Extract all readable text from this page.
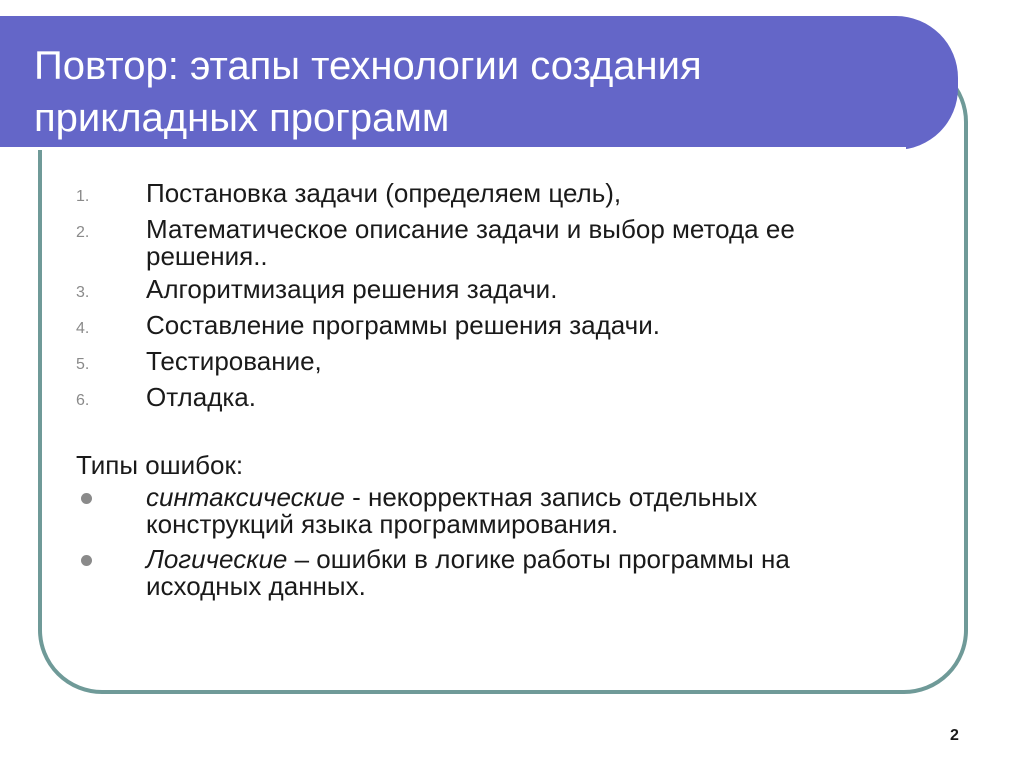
Повтор: этапы технологии создания прикладных программ
1.	Постановка задачи (определяем цель),
2.	Математическое описание задачи и выбор метода ее решения..
3.	Алгоритмизация решения задачи.
4.	Составление программы решения задачи.
5.	Тестирование,
6.	Отладка.
Типы ошибок:
синтаксические - некорректная запись отдельных конструкций языка программирования.
Логические – ошибки в логике работы программы на исходных данных.
2
